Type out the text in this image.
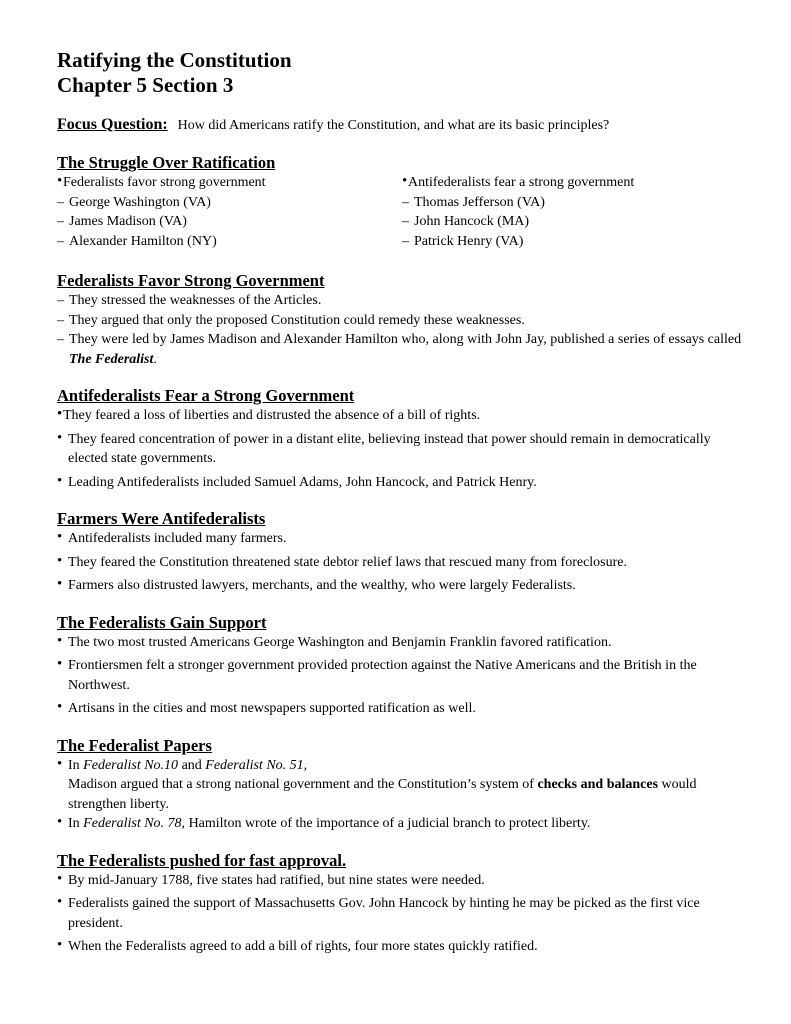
Ratifying the Constitution
Chapter 5 Section 3
Focus Question: How did Americans ratify the Constitution, and what are its basic principles?
The Struggle Over Ratification
• Federalists favor strong government
– George Washington (VA)
– James Madison (VA)
– Alexander Hamilton (NY)
• Antifederalists fear a strong government
– Thomas Jefferson (VA)
– John Hancock (MA)
– Patrick Henry (VA)
Federalists Favor Strong Government
– They stressed the weaknesses of the Articles.
– They argued that only the proposed Constitution could remedy these weaknesses.
– They were led by James Madison and Alexander Hamilton who, along with John Jay, published a series of essays called The Federalist.
Antifederalists Fear a Strong Government
• They feared a loss of liberties and distrusted the absence of a bill of rights.
• They feared concentration of power in a distant elite, believing instead that power should remain in democratically elected state governments.
• Leading Antifederalists included Samuel Adams, John Hancock, and Patrick Henry.
Farmers Were Antifederalists
• Antifederalists included many farmers.
• They feared the Constitution threatened state debtor relief laws that rescued many from foreclosure.
• Farmers also distrusted lawyers, merchants, and the wealthy, who were largely Federalists.
The Federalists Gain Support
• The two most trusted Americans George Washington and Benjamin Franklin favored ratification.
• Frontiersmen felt a stronger government provided protection against the Native Americans and the British in the Northwest.
• Artisans in the cities and most newspapers supported ratification as well.
The Federalist Papers
• In Federalist No.10 and Federalist No. 51,
Madison argued that a strong national government and the Constitution’s system of checks and balances would strengthen liberty.
• In Federalist No. 78, Hamilton wrote of the importance of a judicial branch to protect liberty.
The Federalists pushed for fast approval.
• By mid-January 1788, five states had ratified, but nine states were needed.
• Federalists gained the support of Massachusetts Gov. John Hancock by hinting he may be picked as the first vice president.
• When the Federalists agreed to add a bill of rights, four more states quickly ratified.
